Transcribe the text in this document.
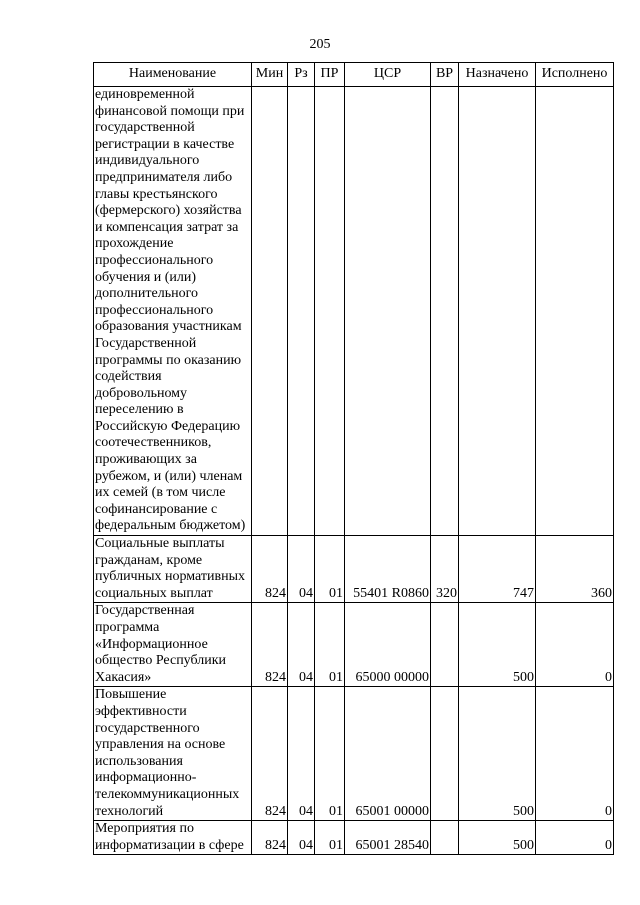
205
Наименование	Мин	Рз	ПР	ЦСР	ВР	Назначено	Исполнено
единовременной финансовой помощи при государственной регистрации в качестве индивидуального предпринимателя либо главы крестьянского (фермерского) хозяйства и компенсация затрат за прохождение профессионального обучения и (или) дополнительного профессионального образования участникам Государственной программы по оказанию содействия добровольному переселению в Российскую Федерацию соотечественников, проживающих за рубежом, и (или) членам их семей (в том числе софинансирование с федеральным бюджетом)							
Социальные выплаты гражданам, кроме публичных нормативных социальных выплат	824	04	01	55401 R0860	320	747	360
Государственная программа «Информационное общество Республики Хакасия»	824	04	01	65000 00000		500	0
Повышение эффективности государственного управления на основе использования информационно-телекоммуникационных технологий	824	04	01	65001 00000		500	0
Мероприятия по информатизации в сфере	824	04	01	65001 28540		500	0
